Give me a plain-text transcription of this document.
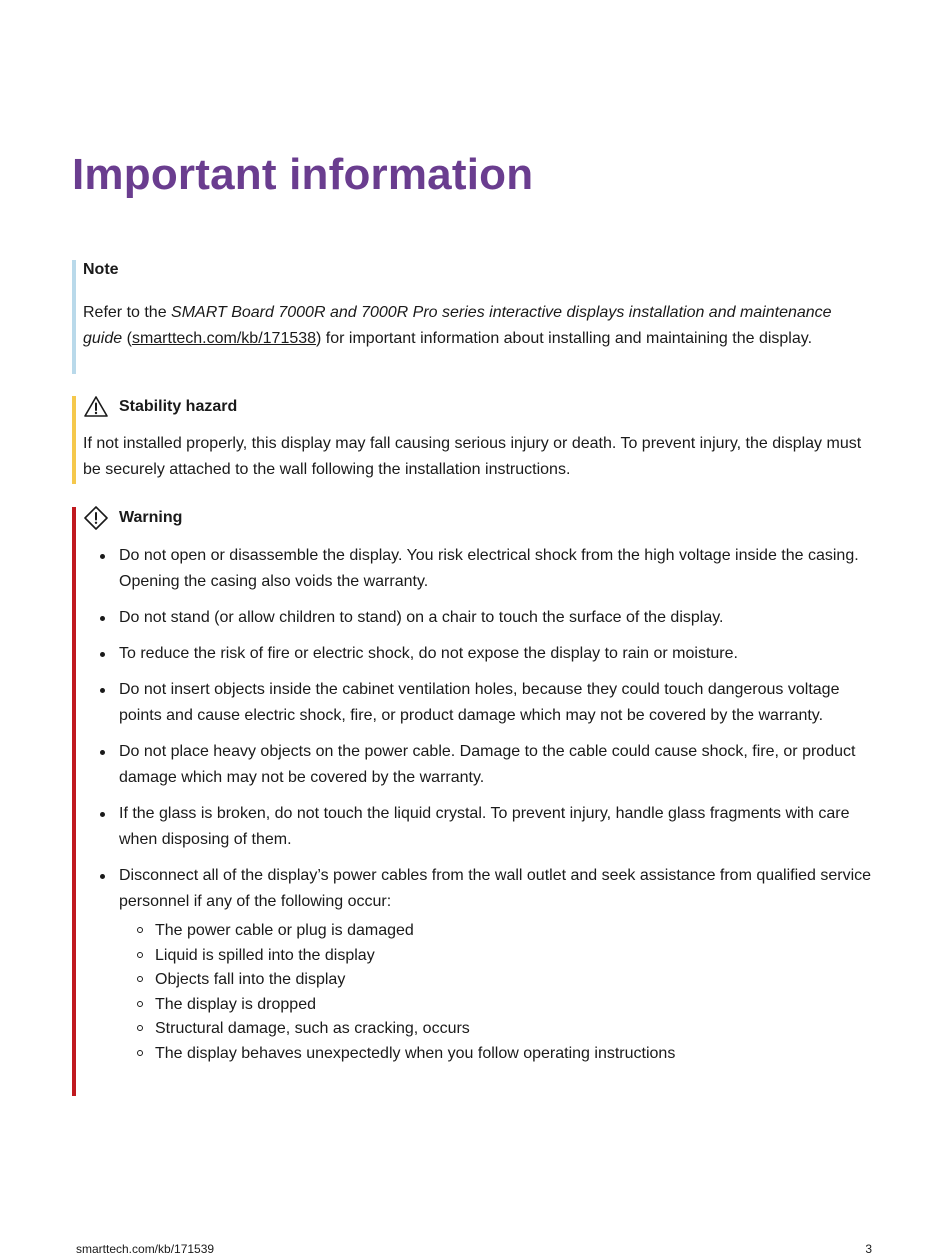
Important information
Note

Refer to the SMART Board 7000R and 7000R Pro series interactive displays installation and maintenance guide (smarttech.com/kb/171538) for important information about installing and maintaining the display.

Stability hazard

If not installed properly, this display may fall causing serious injury or death. To prevent injury, the display must be securely attached to the wall following the installation instructions.

Warning
Do not open or disassemble the display. You risk electrical shock from the high voltage inside the casing. Opening the casing also voids the warranty.
Do not stand (or allow children to stand) on a chair to touch the surface of the display.
To reduce the risk of fire or electric shock, do not expose the display to rain or moisture.
Do not insert objects inside the cabinet ventilation holes, because they could touch dangerous voltage points and cause electric shock, fire, or product damage which may not be covered by the warranty.
Do not place heavy objects on the power cable. Damage to the cable could cause shock, fire, or product damage which may not be covered by the warranty.
If the glass is broken, do not touch the liquid crystal. To prevent injury, handle glass fragments with care when disposing of them.
Disconnect all of the display’s power cables from the wall outlet and seek assistance from qualified service personnel if any of the following occur:
The power cable or plug is damaged
Liquid is spilled into the display
Objects fall into the display
The display is dropped
Structural damage, such as cracking, occurs
The display behaves unexpectedly when you follow operating instructions
smarttech.com/kb/171539	3
